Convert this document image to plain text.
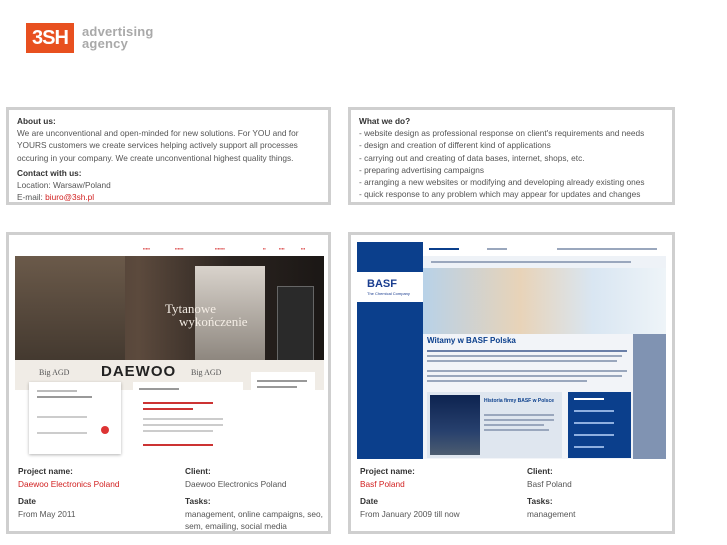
3SH	advertising
agency
About us:
We are unconventional and open-minded for new solutions. For YOU and for YOURS customers we create services helping actively support all processes occuring in your company. We create unconventional highest quality things.
Contact with us:
Location: Warsaw/Poland
E-mail: biuro@3sh.pl
What we do?
- website design as professional response on client's requirements and needs
- design and creation of different kind of applications
- carrying out and creating of data bases, internet, shops, etc.
- preparing advertising campaigns
- arranging a new websites or modifying and developing already existing ones
- quick response to any problem which may appear for updates and changes
▪▪▪▪▪	▪▪▪▪▪▪	▪▪▪▪▪▪▪	▪▪	▪▪▪▪	▪▪▪
Tytanowe
wykończenie
Big AGD DAEWOO Big AGD
Project name:
Daewoo Electronics Poland
Date
From May 2011
Client:
Daewoo Electronics Poland
Tasks:
management, online campaigns, seo, sem, emailing, social media
BASF
The Chemical Company
Witamy w BASF Polska
Historia firmy BASF w Polsce
Project name:
Basf Poland
Date
From January 2009 till now
Client:
Basf Poland
Tasks:
management
